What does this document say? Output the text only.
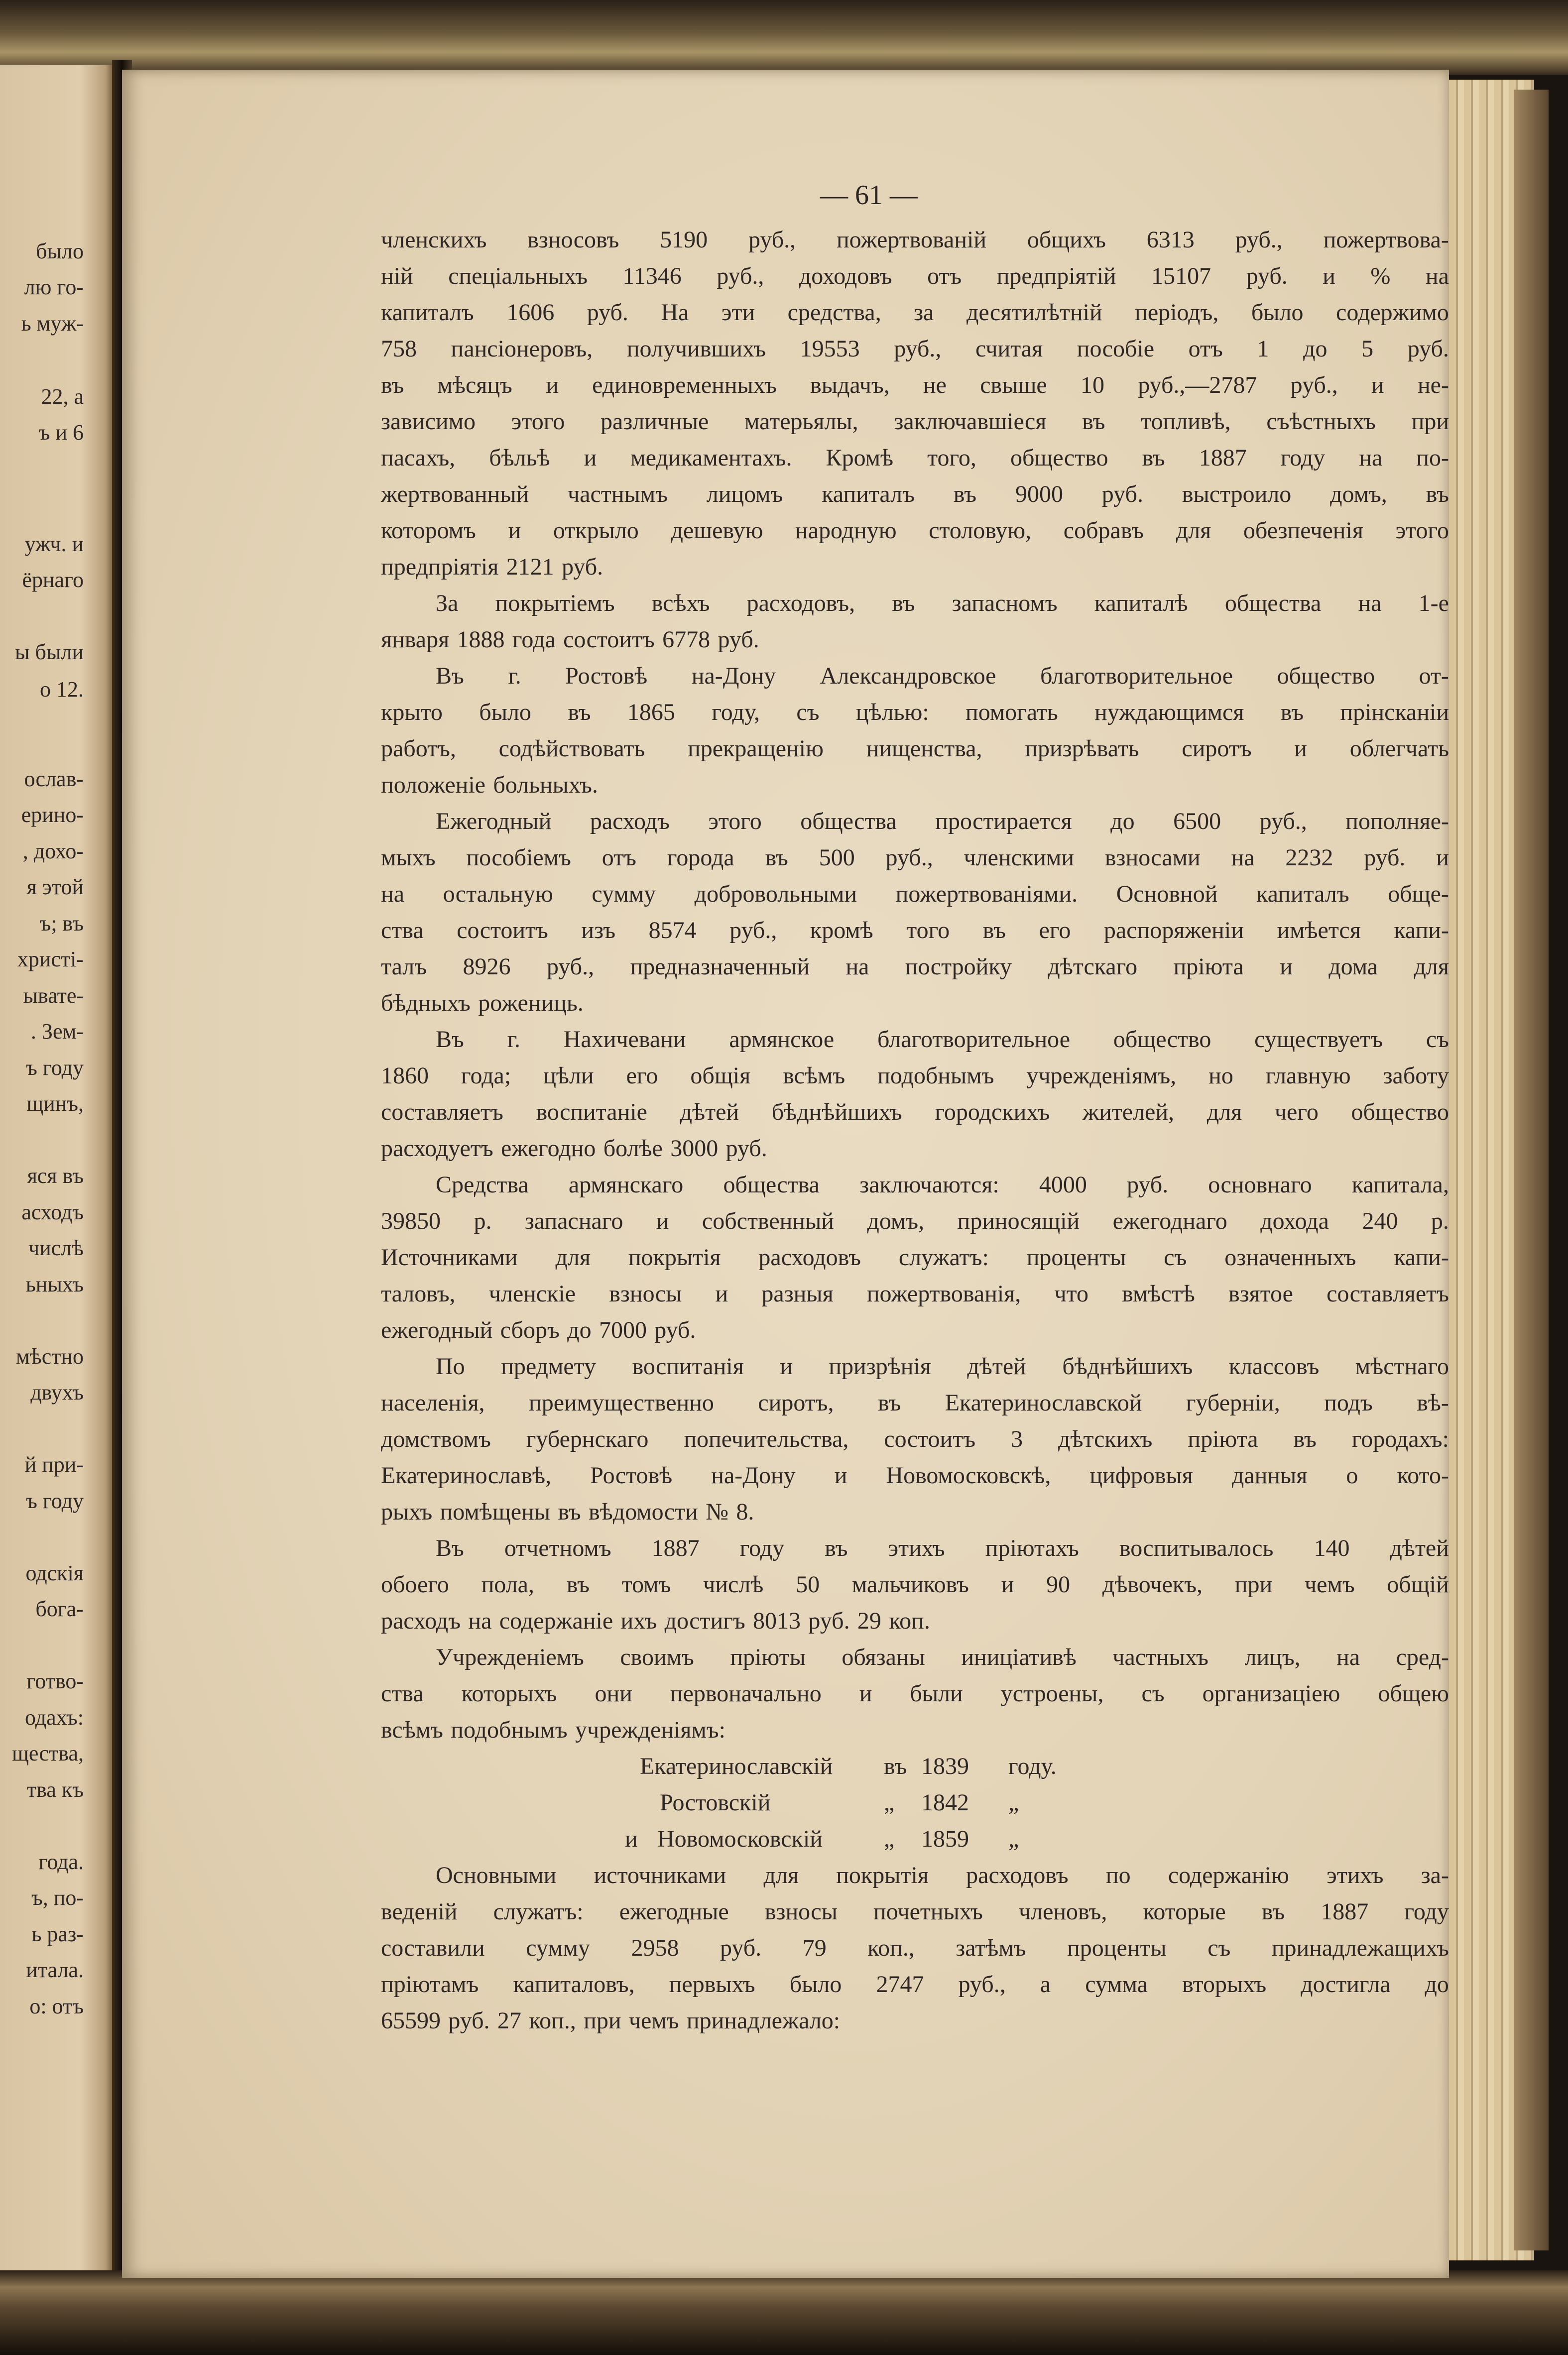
было
лю го-
ь муж-
22, а
ъ и 6
ужч. и
ёрнаго
ы были
о 12.
ослав-
ерино-
, дохо-
я этой
ъ; въ
христі-
ывате-
. Зем-
ъ году
щинъ,
яся въ
асходъ
числѣ
ьныхъ
мѣстно
двухъ
й при-
ъ году
одскія
бога-
готво-
одахъ:
щества,
тва къ
года.
ъ, по-
ь раз-
итала.
о: отъ
— 61 —
членскихъ взносовъ 5190 руб., пожертвованій общихъ 6313 руб., пожертвова-
ній спеціальныхъ 11346 руб., доходовъ отъ предпріятій 15107 руб. и % на
капиталъ 1606 руб. На эти средства, за десятилѣтній періодъ, было содержимо
758 пансіонеровъ, получившихъ 19553 руб., считая пособіе отъ 1 до 5 руб.
въ мѣсяцъ и единовременныхъ выдачъ, не свыше 10 руб.,—2787 руб., и не-
зависимо этого различные матерьялы, заключавшіеся въ топливѣ, съѣстныхъ при
пасахъ, бѣльѣ и медикаментахъ. Кромѣ того, общество въ 1887 году на по-
жертвованный частнымъ лицомъ капиталъ въ 9000 руб. выстроило домъ, въ
которомъ и открыло дешевую народную столовую, собравъ для обезпеченія этого
предпріятія 2121 руб.
За покрытіемъ всѣхъ расходовъ, въ запасномъ капиталѣ общества на 1-е
января 1888 года состоитъ 6778 руб.
Въ г. Ростовѣ на-Дону Александровское благотворительное общество от-
крыто было въ 1865 году, съ цѣлью: помогать нуждающимся въ прінсканіи
работъ, содѣйствовать прекращенію нищенства, призрѣвать сиротъ и облегчать
положеніе больныхъ.
Ежегодный расходъ этого общества простирается до 6500 руб., пополняе-
мыхъ пособіемъ отъ города въ 500 руб., членскими взносами на 2232 руб. и
на остальную сумму добровольными пожертвованіями. Основной капиталъ обще-
ства состоитъ изъ 8574 руб., кромѣ того въ его распоряженіи имѣется капи-
талъ 8926 руб., предназначенный на постройку дѣтскаго пріюта и дома для
бѣдныхъ рожениць.
Въ г. Нахичевани армянское благотворительное общество существуетъ съ
1860 года; цѣли его общія всѣмъ подобнымъ учрежденіямъ, но главную заботу
составляетъ воспитаніе дѣтей бѣднѣйшихъ городскихъ жителей, для чего общество
расходуетъ ежегодно болѣе 3000 руб.
Средства армянскаго общества заключаются: 4000 руб. основнаго капитала,
39850 р. запаснаго и собственный домъ, приносящій ежегоднаго дохода 240 р.
Источниками для покрытія расходовъ служатъ: проценты съ означенныхъ капи-
таловъ, членскіе взносы и разныя пожертвованія, что вмѣстѣ взятое составляетъ
ежегодный сборъ до 7000 руб.
По предмету воспитанія и призрѣнія дѣтей бѣднѣйшихъ классовъ мѣстнаго
населенія, преимущественно сиротъ, въ Екатеринославской губерніи, подъ вѣ-
домствомъ губернскаго попечительства, состоитъ 3 дѣтскихъ пріюта въ городахъ:
Екатеринославѣ, Ростовѣ на-Дону и Новомосковскѣ, цифровыя данныя о кото-
рыхъ помѣщены въ вѣдомости № 8.
Въ отчетномъ 1887 году въ этихъ пріютахъ воспитывалось 140 дѣтей
обоего пола, въ томъ числѣ 50 мальчиковъ и 90 дѣвочекъ, при чемъ общій
расходъ на содержаніе ихъ достигъ 8013 руб. 29 коп.
Учрежденіемъ своимъ пріюты обязаны иниціативѣ частныхъ лицъ, на сред-
ства которыхъ они первоначально и были устроены, съ организаціею общею
всѣмъ подобнымъ учрежденіямъ:
Екатеринославскій въ 1839 году.
Ростовскій	„ 1842 „
и Новомосковскій	„ 1859 „
Основными источниками для покрытія расходовъ по содержанію этихъ за-
веденій служатъ: ежегодные взносы почетныхъ членовъ, которые въ 1887 году
составили сумму 2958 руб. 79 коп., затѣмъ проценты съ принадлежащихъ
пріютамъ капиталовъ, первыхъ было 2747 руб., а сумма вторыхъ достигла до
65599 руб. 27 коп., при чемъ принадлежало:
